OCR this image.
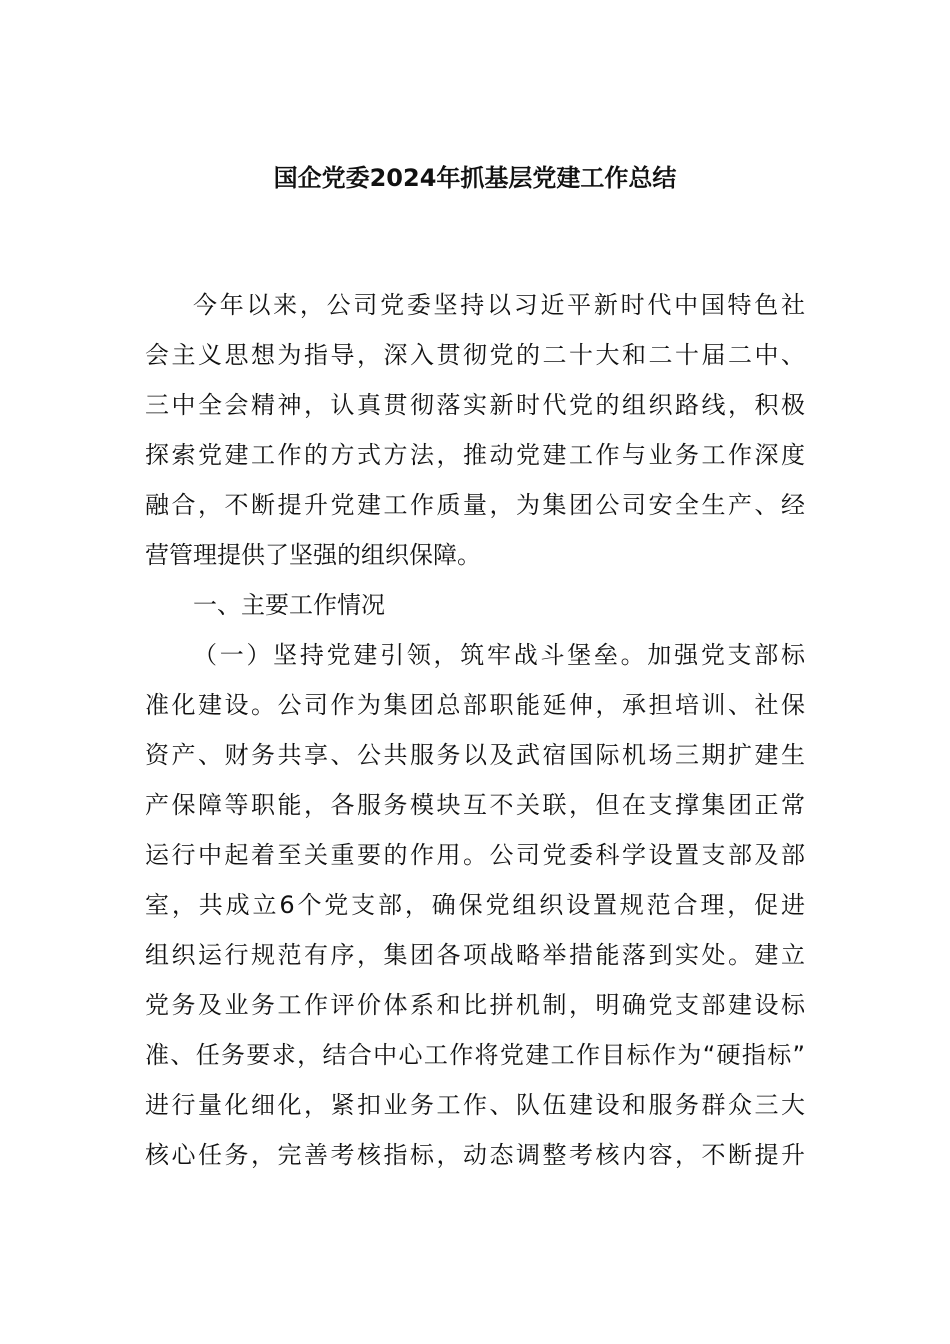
国企党委2024年抓基层党建工作总结
今年以来，公司党委坚持以习近平新时代中国特色社
会主义思想为指导，深入贯彻党的二十大和二十届二中、
三中全会精神，认真贯彻落实新时代党的组织路线，积极
探索党建工作的方式方法，推动党建工作与业务工作深度
融合，不断提升党建工作质量，为集团公司安全生产、经
营管理提供了坚强的组织保障。
一、主要工作情况
（一）坚持党建引领，筑牢战斗堡垒。加强党支部标
准化建设。公司作为集团总部职能延伸，承担培训、社保
资产、财务共享、公共服务以及武宿国际机场三期扩建生
产保障等职能，各服务模块互不关联，但在支撑集团正常
运行中起着至关重要的作用。公司党委科学设置支部及部
室，共成立6个党支部，确保党组织设置规范合理，促进
组织运行规范有序，集团各项战略举措能落到实处。建立
党务及业务工作评价体系和比拼机制，明确党支部建设标
准、任务要求，结合中心工作将党建工作目标作为“硬指标”
进行量化细化，紧扣业务工作、队伍建设和服务群众三大
核心任务，完善考核指标，动态调整考核内容，不断提升
